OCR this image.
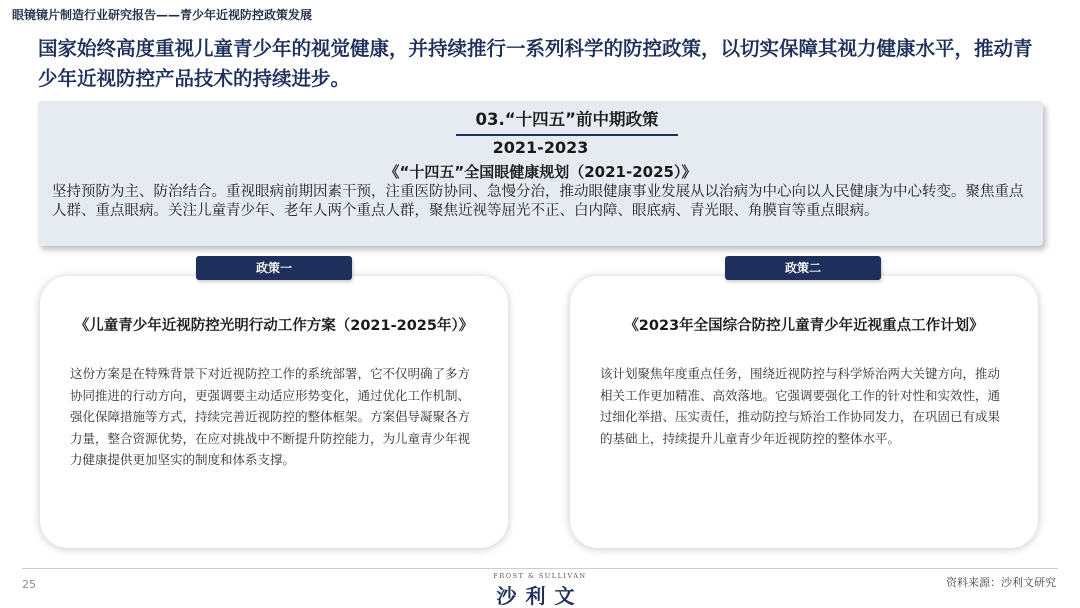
眼镜镜片制造行业研究报告——青少年近视防控政策发展
国家始终高度重视儿童青少年的视觉健康，并持续推行一系列科学的防控政策，以切实保障其视力健康水平，推动青少年近视防控产品技术的持续进步。
03.“十四五”前中期政策
2021-2023
《“十四五”全国眼健康规划（2021-2025）》
坚持预防为主、防治结合。重视眼病前期因素干预，注重医防协同、急慢分治，推动眼健康事业发展从以治病为中心向以人民健康为中心转变。聚焦重点人群、重点眼病。关注儿童青少年、老年人两个重点人群，聚焦近视等屈光不正、白内障、眼底病、青光眼、角膜盲等重点眼病。
政策一
《儿童青少年近视防控光明行动工作方案（2021-2025年）》
这份方案是在特殊背景下对近视防控工作的系统部署，它不仅明确了多方协同推进的行动方向，更强调要主动适应形势变化，通过优化工作机制、强化保障措施等方式，持续完善近视防控的整体框架。方案倡导凝聚各方力量，整合资源优势，在应对挑战中不断提升防控能力，为儿童青少年视力健康提供更加坚实的制度和体系支撑。
政策二
《2023年全国综合防控儿童青少年近视重点工作计划》
该计划聚焦年度重点任务，围绕近视防控与科学矫治两大关键方向，推动相关工作更加精准、高效落地。它强调要强化工作的针对性和实效性，通过细化举措、压实责任，推动防控与矫治工作协同发力，在巩固已有成果的基础上，持续提升儿童青少年近视防控的整体水平。
25
FROST & SULLIVAN
沙利文
资料来源：沙利文研究
